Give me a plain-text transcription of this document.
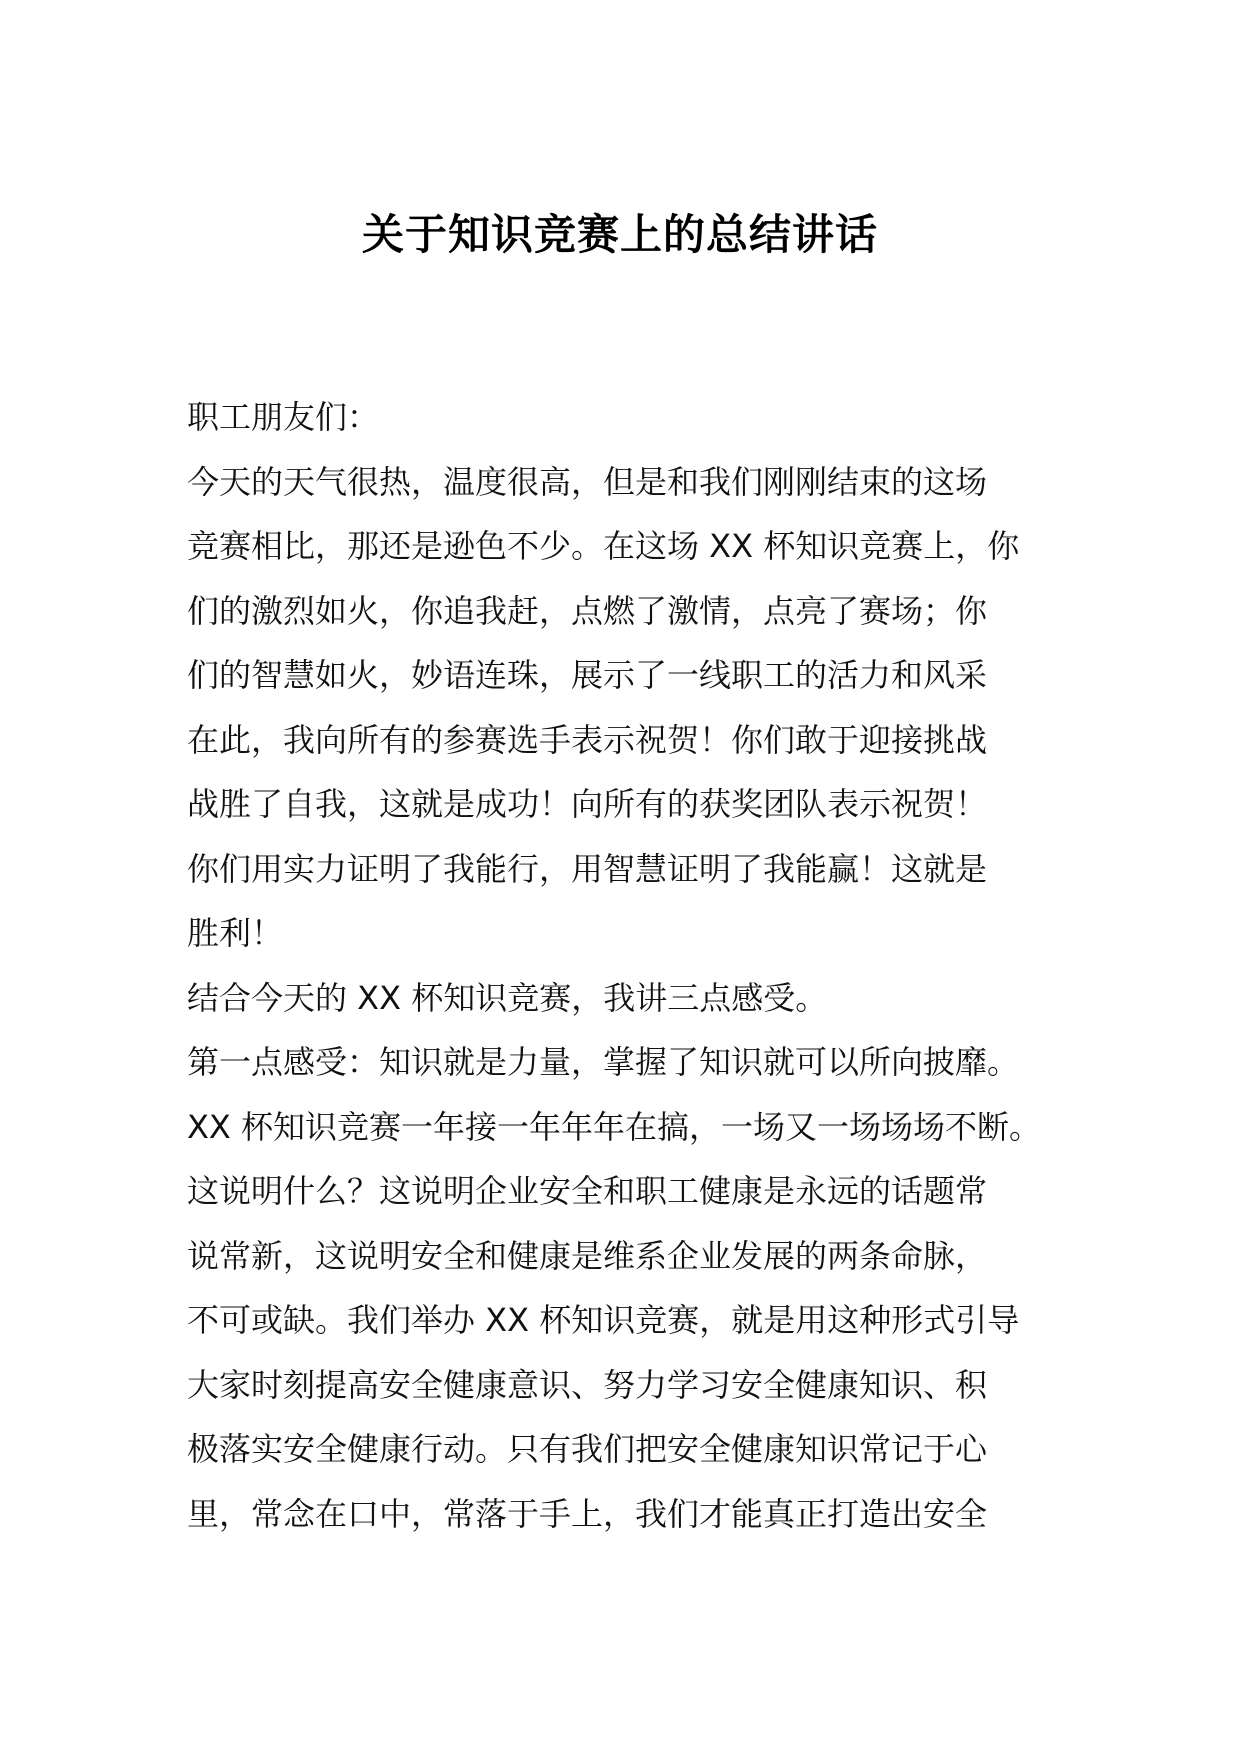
关于知识竞赛上的总结讲话
职工朋友们：
今天的天气很热，温度很高，但是和我们刚刚结束的这场
竞赛相比，那还是逊色不少。在这场 XX 杯知识竞赛上，你
们的激烈如火，你追我赶，点燃了激情，点亮了赛场；你
们的智慧如火，妙语连珠，展示了一线职工的活力和风采
在此，我向所有的参赛选手表示祝贺！你们敢于迎接挑战
战胜了自我，这就是成功！向所有的获奖团队表示祝贺！
你们用实力证明了我能行，用智慧证明了我能赢！这就是
胜利！
结合今天的 XX 杯知识竞赛，我讲三点感受。
第一点感受：知识就是力量，掌握了知识就可以所向披靡。
XX 杯知识竞赛一年接一年年年在搞，一场又一场场场不断。
这说明什么？这说明企业安全和职工健康是永远的话题常
说常新，这说明安全和健康是维系企业发展的两条命脉，
不可或缺。我们举办 XX 杯知识竞赛，就是用这种形式引导
大家时刻提高安全健康意识、努力学习安全健康知识、积
极落实安全健康行动。只有我们把安全健康知识常记于心
里，常念在口中，常落于手上，我们才能真正打造出安全
